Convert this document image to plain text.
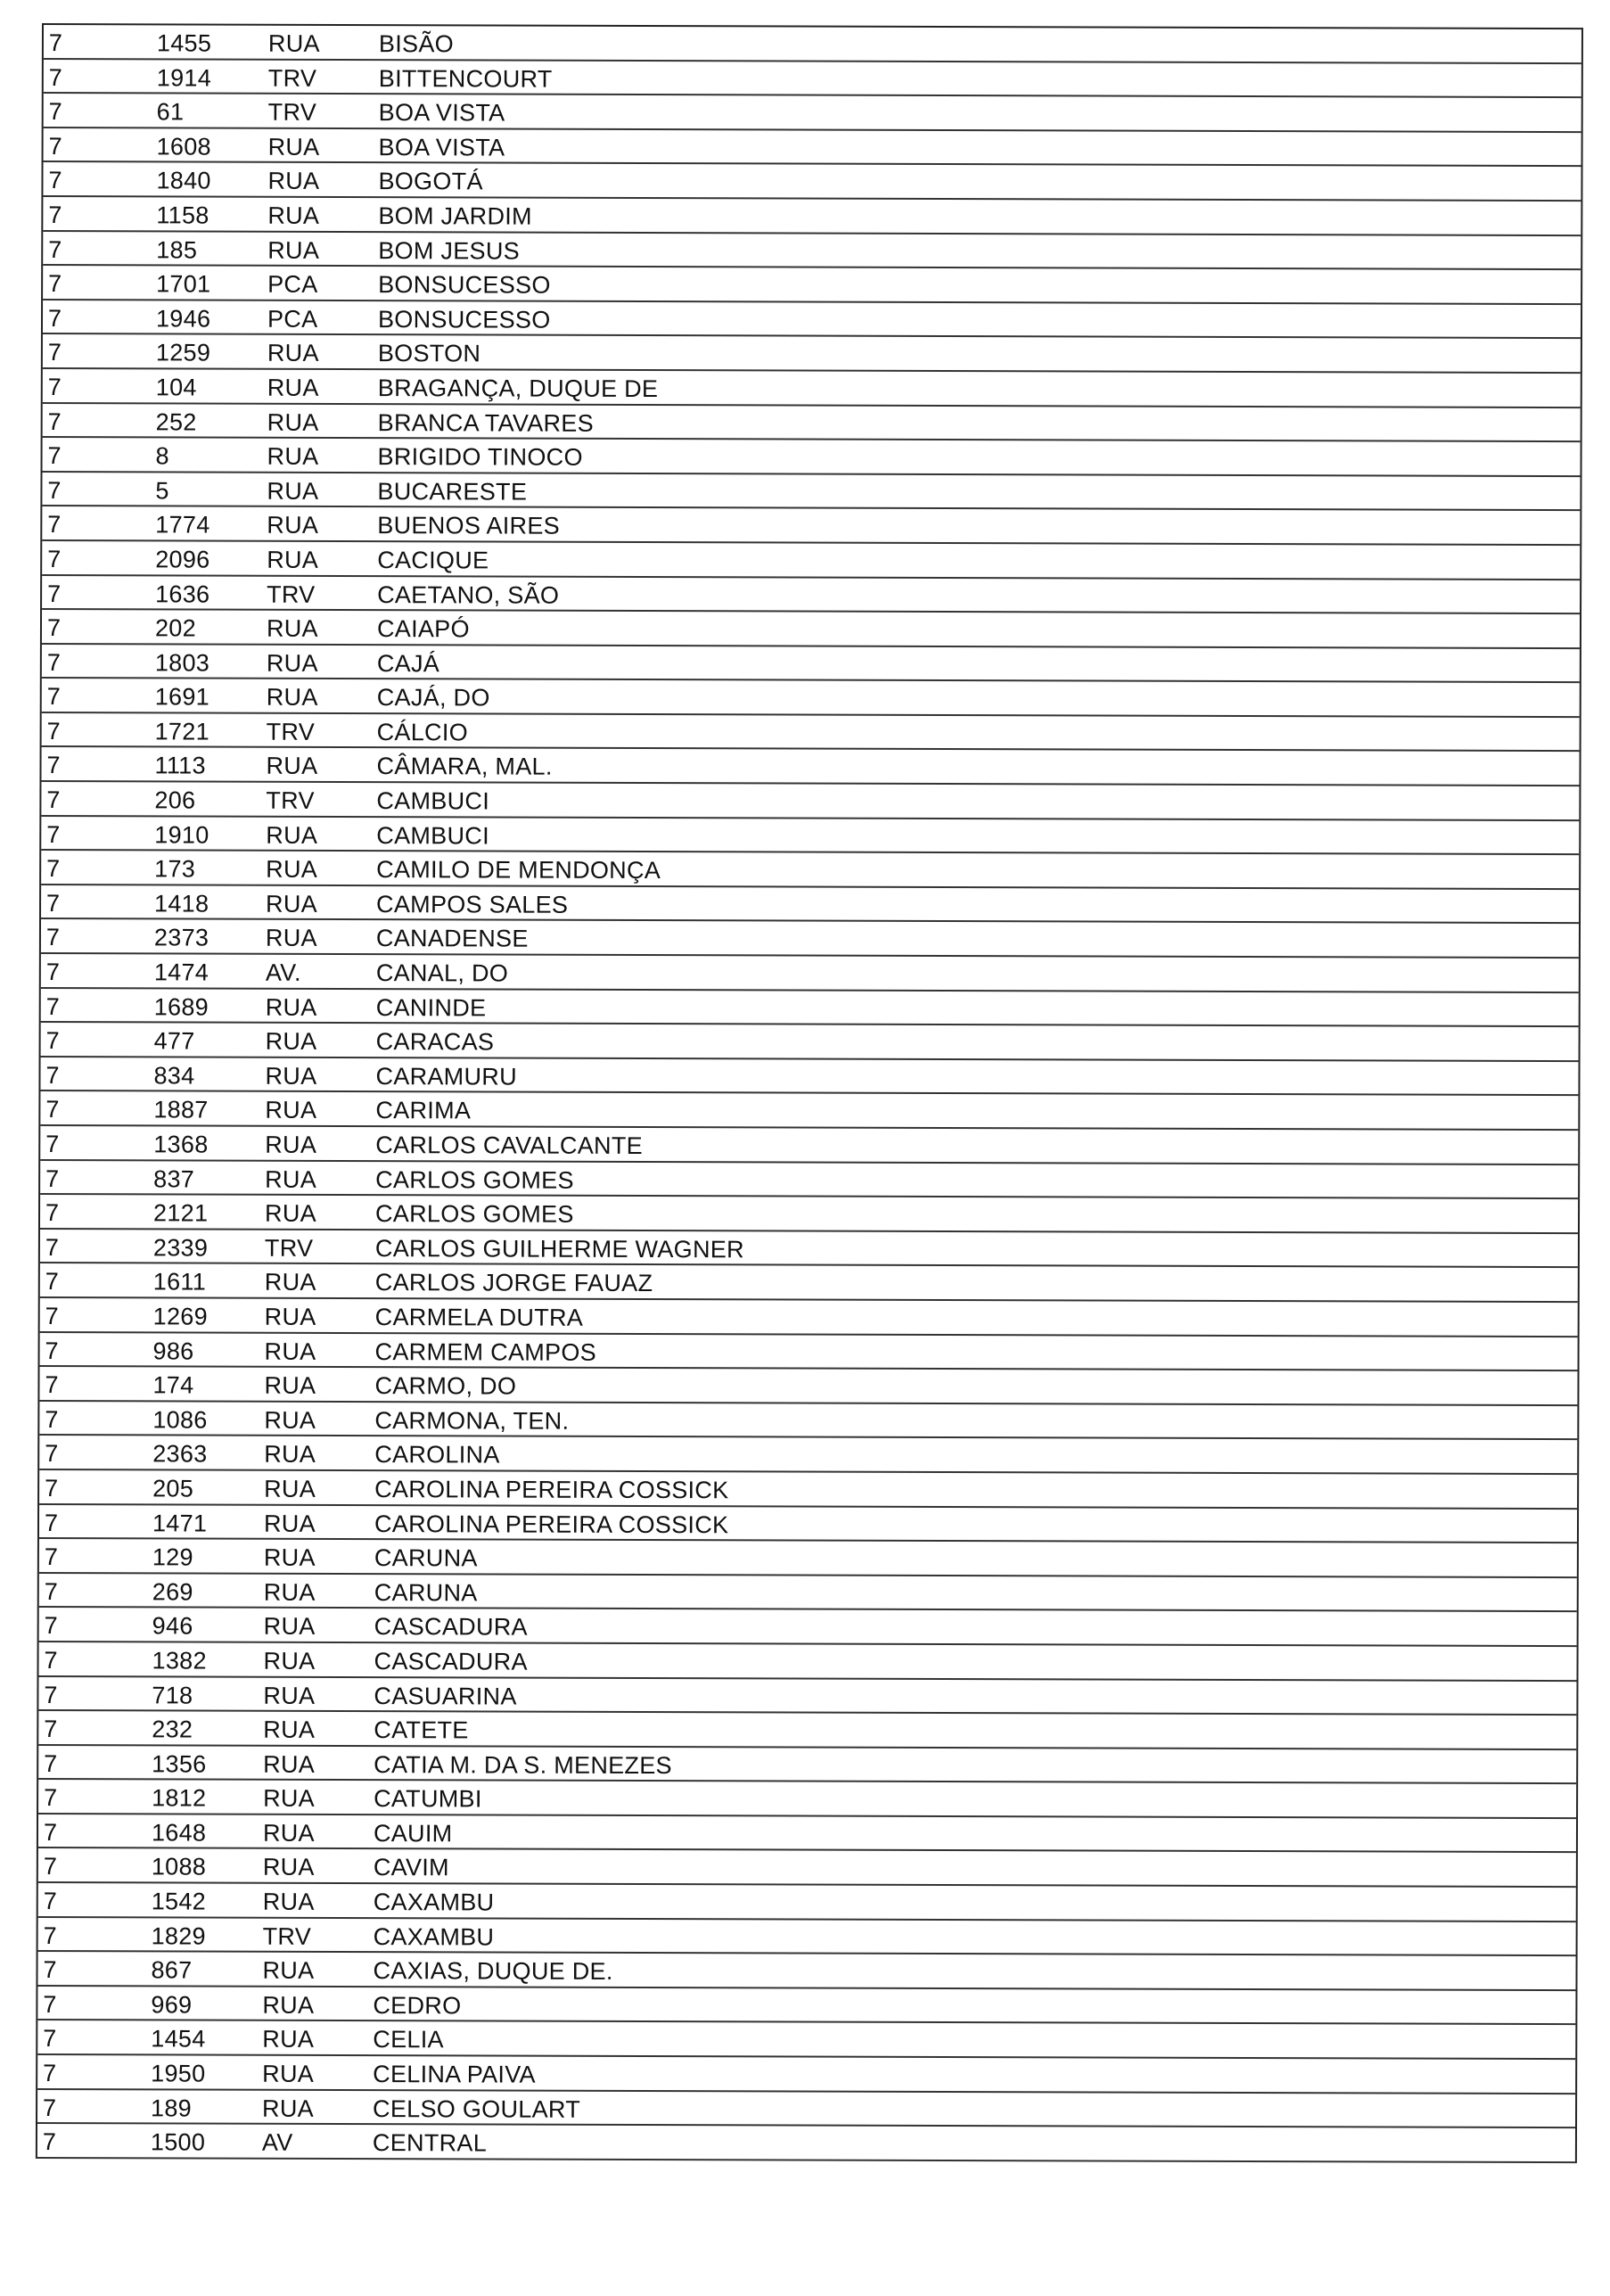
7	1455 RUA BISÃO
7	1914 TRV	BITTENCOURT
7	61	TRV	BOA VISTA
7	1608 RUA BOA VISTA
7	1840 RUA BOGOTÁ
7	1158 RUA BOM JARDIM
7	185	RUA BOM JESUS
7	1701 PCA BONSUCESSO
7	1946 PCA BONSUCESSO
7	1259 RUA BOSTON
7	104	RUA BRAGANÇA, DUQUE DE
7	252	RUA BRANCA TAVARES
7	8	RUA BRIGIDO TINOCO
7	5	RUA BUCARESTE
7	1774 RUA BUENOS AIRES
7	2096 RUA CACIQUE
7	1636 TRV	CAETANO, SÃO
7	202	RUA CAIAPÓ
7	1803 RUA CAJÁ
7	1691 RUA CAJÁ, DO
7	1721 TRV	CÁLCIO
7	1113	RUA CÂMARA, MAL.
7	206	TRV	CAMBUCI
7	1910 RUA CAMBUCI
7	173	RUA CAMILO DE MENDONÇA
7	1418 RUA CAMPOS SALES
7	2373 RUA CANADENSE
7	1474 AV.	CANAL, DO
7	1689 RUA CANINDE
7	477	RUA CARACAS
7	834	RUA CARAMURU
7	1887 RUA CARIMA
7	1368 RUA CARLOS CAVALCANTE
7	837	RUA CARLOS GOMES
7	2121 RUA CARLOS GOMES
7	2339 TRV	CARLOS GUILHERME WAGNER
7	1611 RUA CARLOS JORGE FAUAZ
7	1269 RUA CARMELA DUTRA
7	986	RUA CARMEM CAMPOS
7	174	RUA CARMO, DO
7	1086 RUA CARMONA, TEN.
7	2363 RUA CAROLINA
7	205	RUA CAROLINA PEREIRA COSSICK
7	1471 RUA CAROLINA PEREIRA COSSICK
7	129	RUA CARUNA
7	269	RUA CARUNA
7	946	RUA CASCADURA
7	1382 RUA CASCADURA
7	718	RUA CASUARINA
7	232	RUA CATETE
7	1356 RUA CATIA M. DA S. MENEZES
7	1812 RUA CATUMBI
7	1648 RUA CAUIM
7	1088 RUA CAVIM
7	1542 RUA CAXAMBU
7	1829 TRV	CAXAMBU
7	867	RUA CAXIAS, DUQUE DE.
7	969	RUA CEDRO
7	1454 RUA CELIA
7	1950 RUA CELINA PAIVA
7	189	RUA CELSO GOULART
7	1500 AV	CENTRAL
